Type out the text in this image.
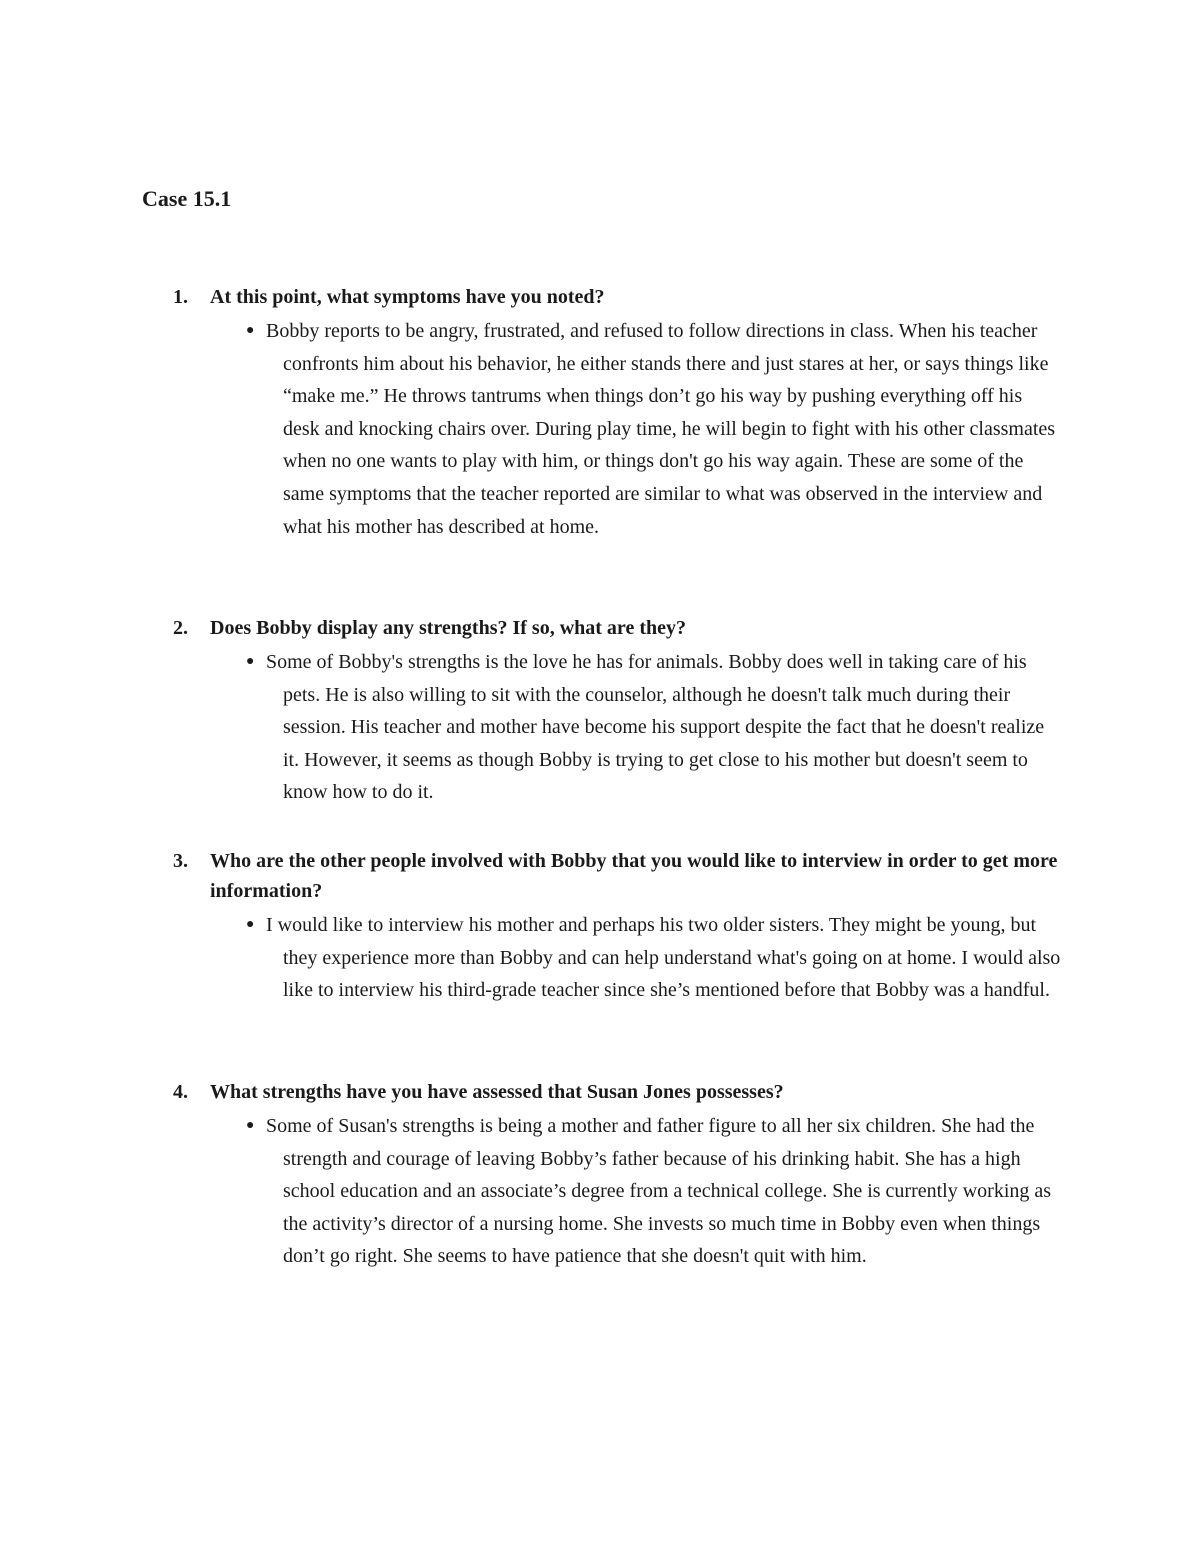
Case 15.1
1. At this point, what symptoms have you noted?
● Bobby reports to be angry, frustrated, and refused to follow directions in class. When his teacher confronts him about his behavior, he either stands there and just stares at her, or says things like “make me.” He throws tantrums when things don’t go his way by pushing everything off his desk and knocking chairs over. During play time, he will begin to fight with his other classmates when no one wants to play with him, or things don't go his way again. These are some of the same symptoms that the teacher reported are similar to what was observed in the interview and what his mother has described at home.
2. Does Bobby display any strengths? If so, what are they?
● Some of Bobby's strengths is the love he has for animals. Bobby does well in taking care of his pets. He is also willing to sit with the counselor, although he doesn't talk much during their session. His teacher and mother have become his support despite the fact that he doesn't realize it. However, it seems as though Bobby is trying to get close to his mother but doesn't seem to know how to do it.
3. Who are the other people involved with Bobby that you would like to interview in order to get more information?
● I would like to interview his mother and perhaps his two older sisters. They might be young, but they experience more than Bobby and can help understand what's going on at home. I would also like to interview his third-grade teacher since she’s mentioned before that Bobby was a handful.
4. What strengths have you have assessed that Susan Jones possesses?
● Some of Susan's strengths is being a mother and father figure to all her six children. She had the strength and courage of leaving Bobby’s father because of his drinking habit. She has a high school education and an associate’s degree from a technical college. She is currently working as the activity’s director of a nursing home. She invests so much time in Bobby even when things don’t go right. She seems to have patience that she doesn't quit with him.
